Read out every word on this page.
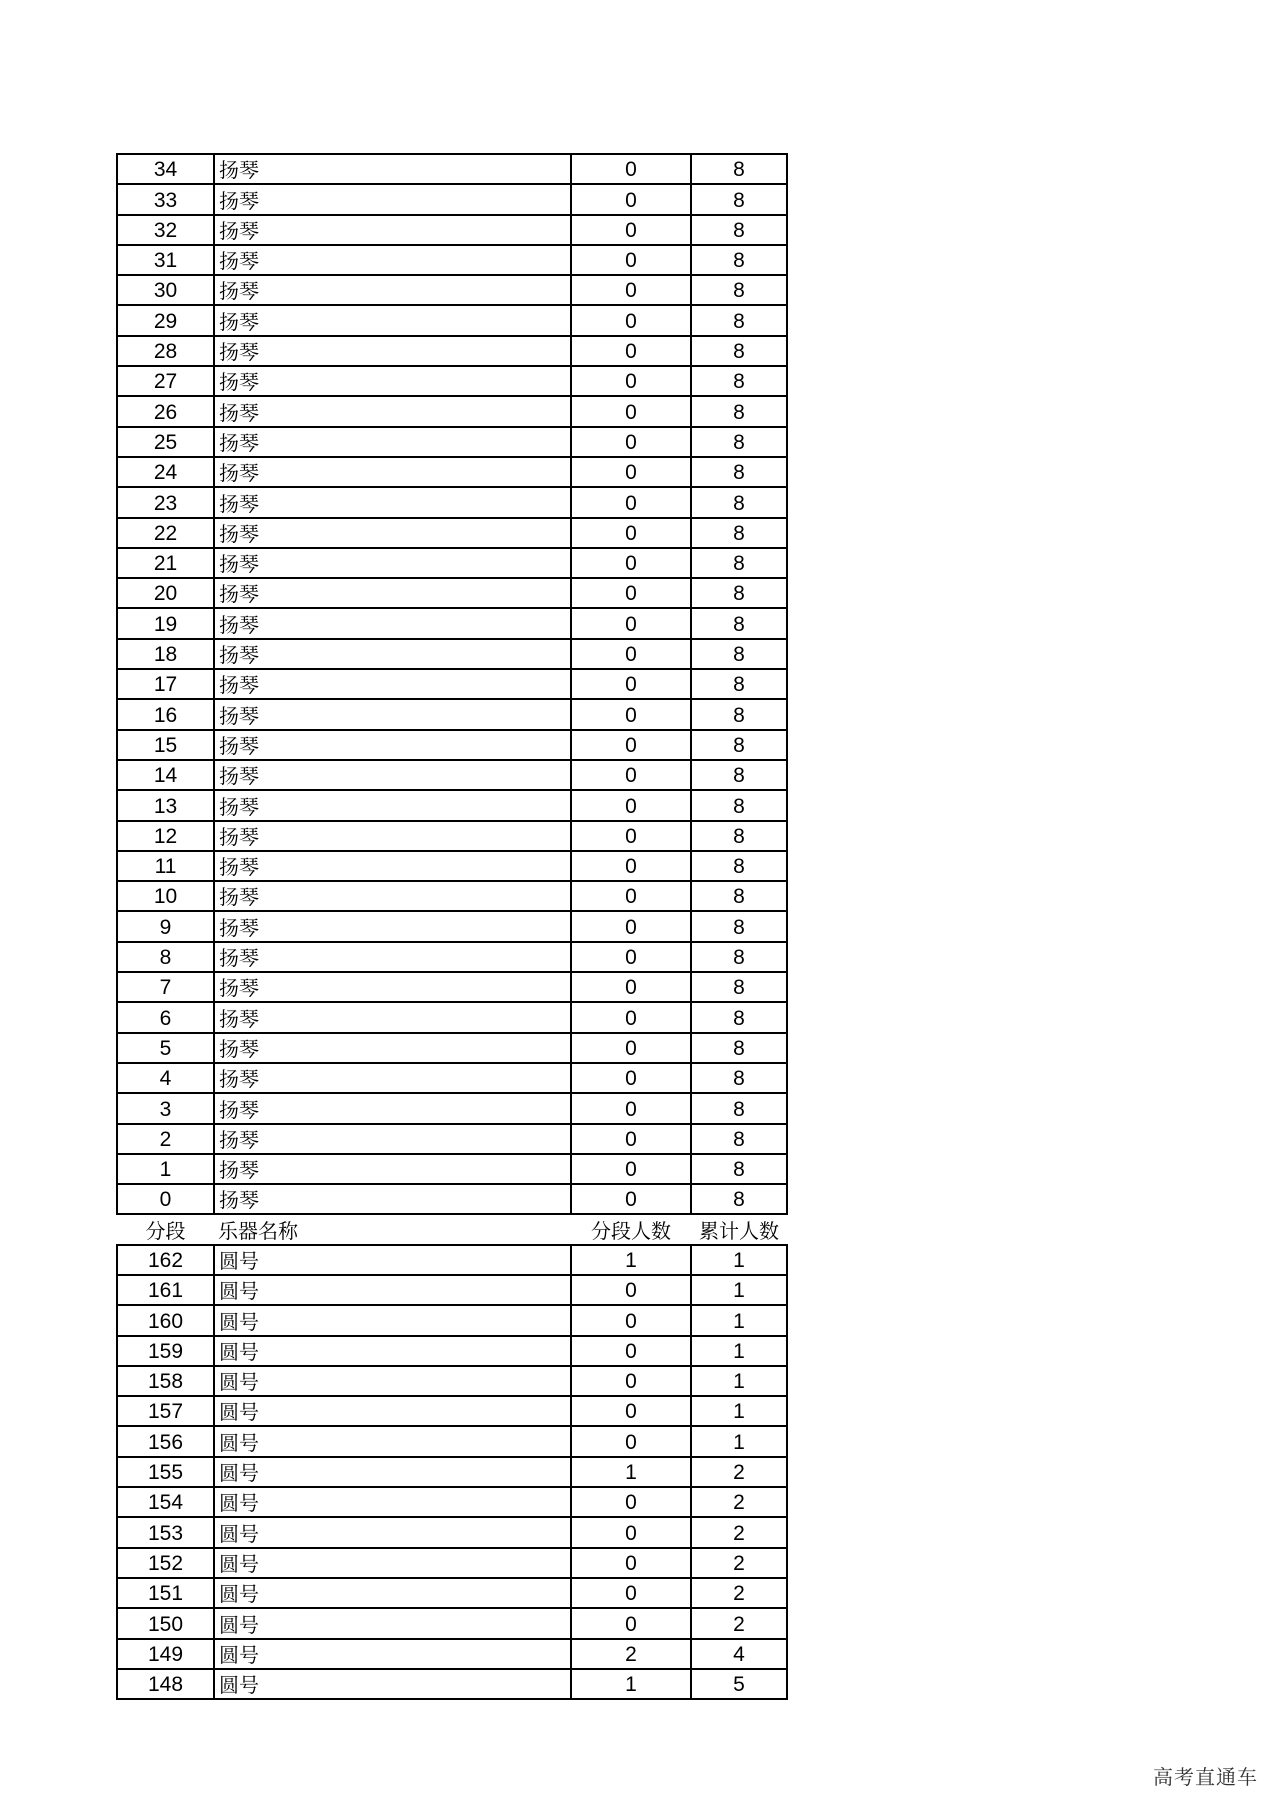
34	扬琴	0	8
33	扬琴	0	8
32	扬琴	0	8
31	扬琴	0	8
30	扬琴	0	8
29	扬琴	0	8
28	扬琴	0	8
27	扬琴	0	8
26	扬琴	0	8
25	扬琴	0	8
24	扬琴	0	8
23	扬琴	0	8
22	扬琴	0	8
21	扬琴	0	8
20	扬琴	0	8
19	扬琴	0	8
18	扬琴	0	8
17	扬琴	0	8
16	扬琴	0	8
15	扬琴	0	8
14	扬琴	0	8
13	扬琴	0	8
12	扬琴	0	8
11	扬琴	0	8
10	扬琴	0	8
9	扬琴	0	8
8	扬琴	0	8
7	扬琴	0	8
6	扬琴	0	8
5	扬琴	0	8
4	扬琴	0	8
3	扬琴	0	8
2	扬琴	0	8
1	扬琴	0	8
0	扬琴	0	8
分段	乐器名称	分段人数	累计人数
162	圆号	1	1
161	圆号	0	1
160	圆号	0	1
159	圆号	0	1
158	圆号	0	1
157	圆号	0	1
156	圆号	0	1
155	圆号	1	2
154	圆号	0	2
153	圆号	0	2
152	圆号	0	2
151	圆号	0	2
150	圆号	0	2
149	圆号	2	4
148	圆号	1	5
高考直通车
